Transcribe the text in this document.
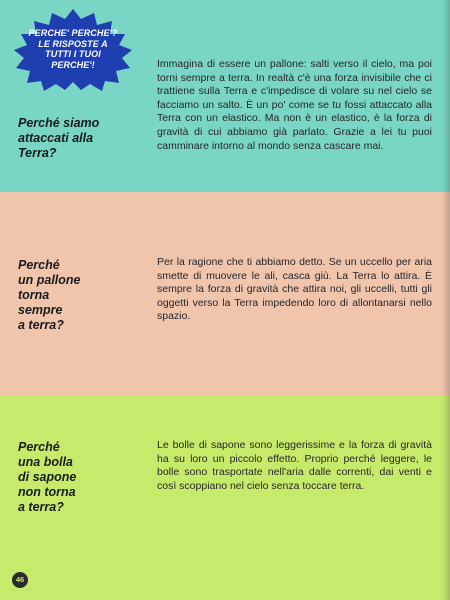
PERCHE' PERCHE'? LE RISPOSTE A TUTTI I TUOI PERCHE'!
Perché siamo
attaccati alla
Terra?
Immagina di essere un pallone: salti verso il cielo, ma poi torni sempre a terra. In realtà c'è una forza invisibile che ci trattiene sulla Terra e c'impedisce di volare su nel cielo se facciamo un salto. È un po' come se tu fossi attaccato alla Terra con un elastico. Ma non è un elastico, è la forza di gravità di cui abbiamo già parlato. Grazie a lei tu puoi camminare intorno al mondo senza cascare mai.
Perché
un pallone
torna
sempre
a terra?
Per la ragione che ti abbiamo detto. Se un uccello per aria smette di muovere le ali, casca giù. La Terra lo attira. È sempre la forza di gravità che attira noi, gli uccelli, tutti gli oggetti verso la Terra impedendo loro di allontanarsi nello spazio.
Perché
una bolla
di sapone
non torna
a terra?
Le bolle di sapone sono leggerissime e la forza di gravità ha su loro un piccolo effetto. Proprio perché leggere, le bolle sono trasportate nell'aria dalle correnti, dai venti e così scoppiano nel cielo senza toccare terra.
46
